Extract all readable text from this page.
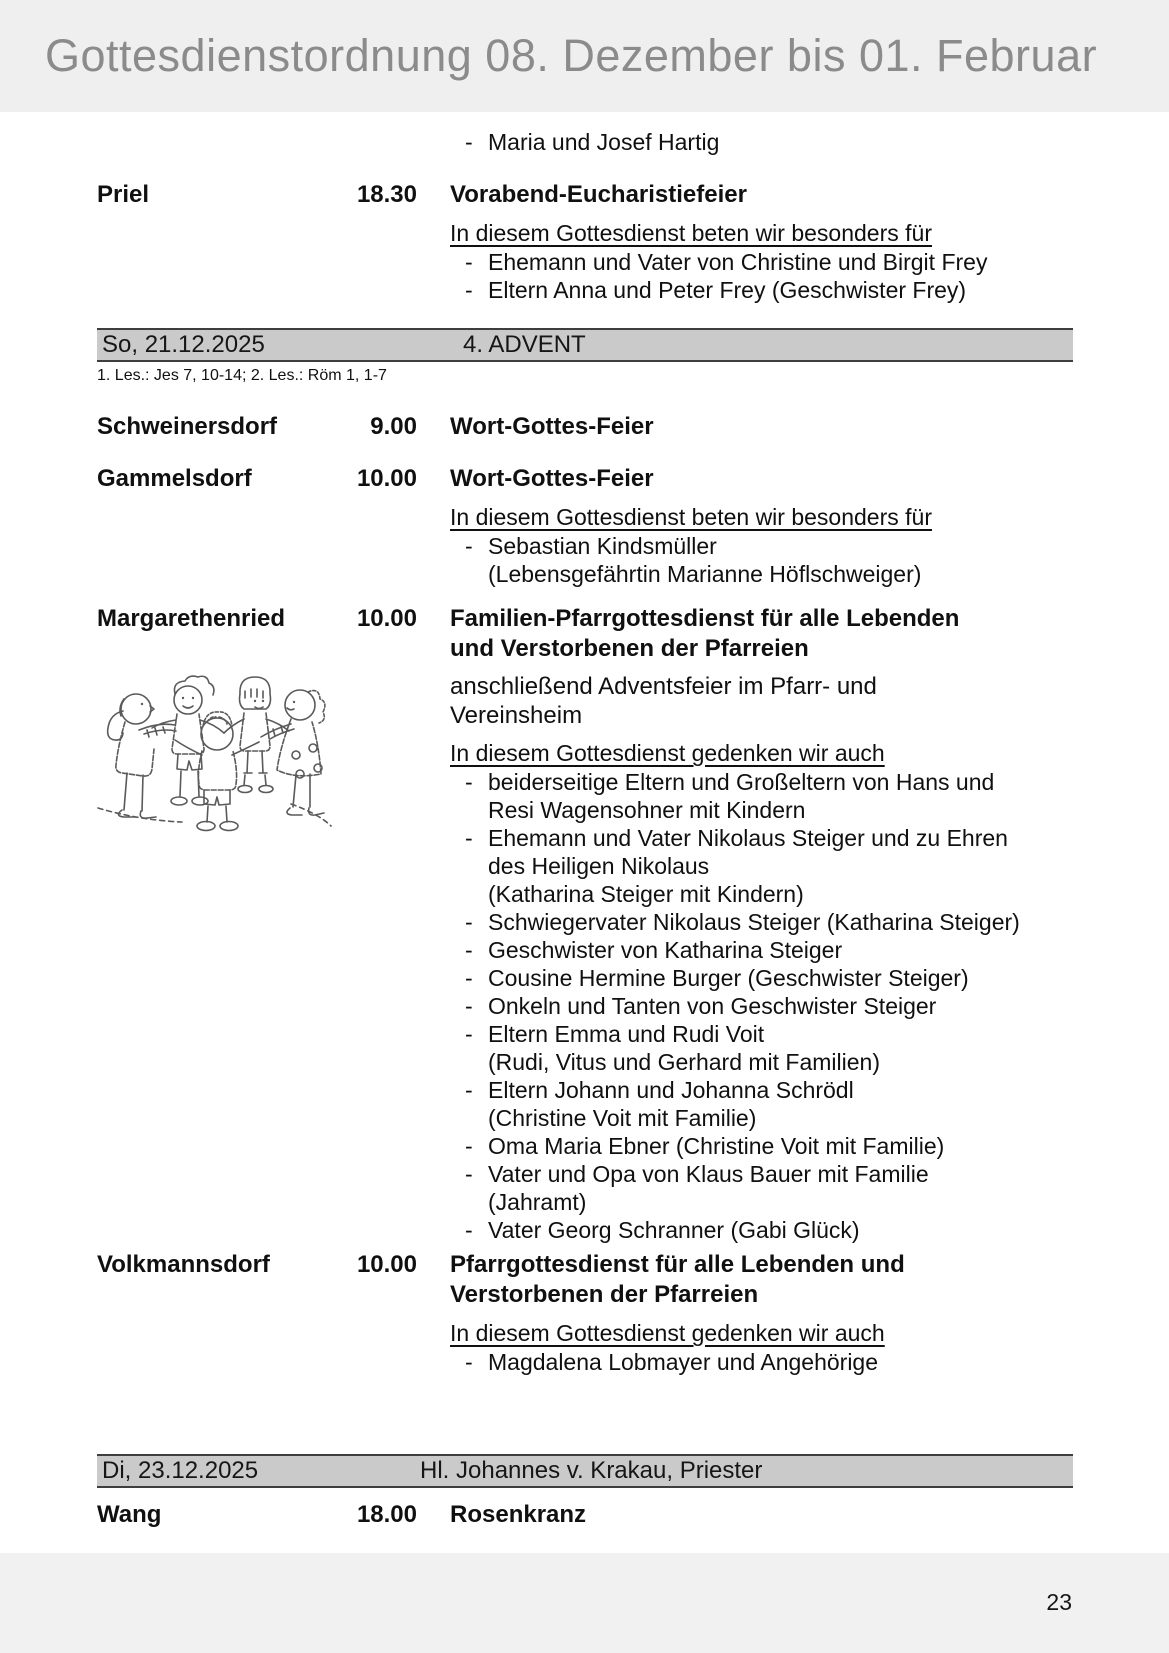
Gottesdienstordnung 08. Dezember bis 01. Februar
- Maria und Josef Hartig
Priel	18.30 Vorabend-Eucharistiefeier
In diesem Gottesdienst beten wir besonders für
- Ehemann und Vater von Christine und Birgit Frey
- Eltern Anna und Peter Frey (Geschwister Frey)
So, 21.12.2025	4. ADVENT
1. Les.: Jes 7, 10-14; 2. Les.: Röm 1, 1-7
Schweinersdorf	9.00 Wort-Gottes-Feier
Gammelsdorf	10.00 Wort-Gottes-Feier
In diesem Gottesdienst beten wir besonders für
- Sebastian Kindsmüller
(Lebensgefährtin Marianne Höflschweiger)
Margarethenried	10.00 Familien-Pfarrgottesdienst für alle Lebenden
und Verstorbenen der Pfarreien
anschließend Adventsfeier im Pfarr- und
Vereinsheim
In diesem Gottesdienst gedenken wir auch
- beiderseitige Eltern und Großeltern von Hans und
Resi Wagensohner mit Kindern
- Ehemann und Vater Nikolaus Steiger und zu Ehren
des Heiligen Nikolaus
(Katharina Steiger mit Kindern)
- Schwiegervater Nikolaus Steiger (Katharina Steiger)
- Geschwister von Katharina Steiger
- Cousine Hermine Burger (Geschwister Steiger)
- Onkeln und Tanten von Geschwister Steiger
- Eltern Emma und Rudi Voit
(Rudi, Vitus und Gerhard mit Familien)
- Eltern Johann und Johanna Schrödl
(Christine Voit mit Familie)
- Oma Maria Ebner (Christine Voit mit Familie)
- Vater und Opa von Klaus Bauer mit Familie
(Jahramt)
- Vater Georg Schranner (Gabi Glück)
Volkmannsdorf	10.00 Pfarrgottesdienst für alle Lebenden und
Verstorbenen der Pfarreien
In diesem Gottesdienst gedenken wir auch
- Magdalena Lobmayer und Angehörige
Di, 23.12.2025	Hl. Johannes v. Krakau, Priester
Wang	18.00 Rosenkranz
23
